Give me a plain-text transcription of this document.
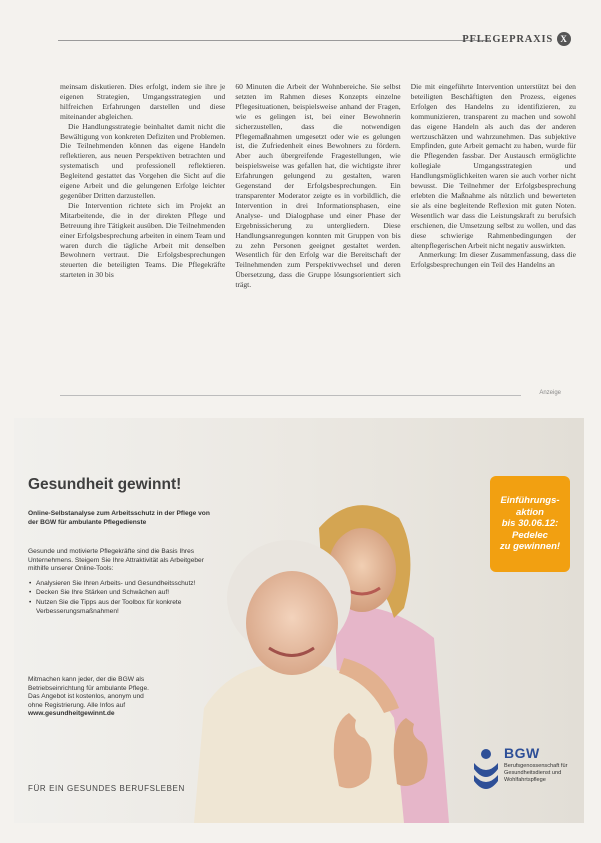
PFLEGEPRAXIS X

meinsam diskutieren. Dies erfolgt, indem sie ihre je eigenen Strategien, Umgangsstrategien und hilfreichen Erfahrungen darstellen und diese miteinander abgleichen.

Die Handlungsstrategie beinhaltet damit nicht die Bewältigung von konkreten Defiziten und Problemen. Die Teilnehmenden können das eigene Handeln reflektieren, aus neuen Perspektiven betrachten und systematisch und professionell reflektieren. Begleitend gestattet das Vorgehen die Sicht auf die eigene Arbeit und die gelungenen Erfolge leichter gegenüber Dritten darzustellen.

Die Intervention richtete sich im Projekt an Mitarbeitende, die in der direkten Pflege und Betreuung ihre Tätigkeit ausüben. Die Teilnehmenden einer Erfolgsbesprechung arbeiten in einem Team und waren durch die tägliche Arbeit mit denselben Bewohnern vertraut. Die Erfolgsbesprechungen steuerten die beteiligten Teams. Die Pflegekräfte starteten in 30 bis

60 Minuten die Arbeit der Wohnbereiche. Sie selbst setzten im Rahmen dieses Konzepts einzelne Pflegesituationen, beispielsweise anhand der Fragen, wie es gelingen ist, bei einer Bewohnerin sicherzustellen, dass die notwendigen Pflegemaßnahmen umgesetzt oder wie es gelungen ist, die Zufriedenheit eines Bewohners zu fördern. Aber auch übergreifende Fragestellungen, wie beispielsweise was gefallen hat, die wichtigste ihrer Erfahrungen gelungend zu gestalten, waren Gegenstand der Erfolgsbesprechungen. Ein transparenter Moderator zeigte es in vorbildlich, die Intervention in drei Informationsphasen, eine Analyse- und Dialogphase und einer Phase der Ergebnissicherung zu untergliedern. Diese Handlungsanregungen konnten mit Gruppen von bis zu zehn Personen geeignet gestaltet werden. Wesentlich für den Erfolg war die Bereitschaft der Teilnehmenden zum Perspektivwechsel und deren Übersetzung, dass die Gruppe lösungsorientiert sich trägt.

Die mit eingeführte Intervention unterstützt bei den beteiligten Beschäftigten den Prozess, eigenes Erfolgen des Handelns zu identifizieren, zu kommunizieren, transparent zu machen und sowohl das eigene Handeln als auch das der anderen wertzuschätzen und wahrzunehmen. Das subjektive Empfinden, gute Arbeit gemacht zu haben, wurde für die Pflegenden fassbar. Der Austausch ermöglichte kollegiale Umgangsstrategien und Handlungsmöglichkeiten waren sie auch vorher nicht bewusst. Die Teilnehmer der Erfolgsbesprechung erlebten die Maßnahme als nützlich und bewerteten sie als eine begleitende Reflexion mit guten Noten. Wesentlich war dass die Leistungskraft zu berufsich erschienen, die Umsetzung selbst zu wollen, und das diese schwierige Rahmenbedingungen der altenpflegerischen Arbeit nicht negativ auswirkten.

Anmerkung: Im dieser Zusammenfassung, dass die Erfolgsbesprechungen ein Teil des Handelns an

Anzeige
Gesundheit gewinnt!
Online-Selbstanalyse zum Arbeitsschutz in der Pflege von der BGW für ambulante Pflegedienste

Gesunde und motivierte Pflegekräfte sind die Basis Ihres Unternehmens. Steigern Sie Ihre Attraktivität als Arbeitgeber mithilfe unserer Online-Tools:

• Analysieren Sie Ihren Arbeits- und Gesundheitsschutz!
• Decken Sie Ihre Stärken und Schwächen auf!
• Nutzen Sie die Tipps aus der Toolbox für konkrete Verbesserungsmaßnahmen!
Mitmachen kann jeder, der die BGW als Betriebseinrichtung für ambulante Pflege. Das Angebot ist kostenlos, anonym und ohne Registrierung. Alle Infos auf www.gesundheitgewinnt.de
FÜR EIN GESUNDES BERUFSLEBEN
Einführungs-
aktion
bis 30.06.12:
Pedelec
zu gewinnen!
BGW
Berufsgenossenschaft für Gesundheitsdienst und Wohlfahrtspflege
